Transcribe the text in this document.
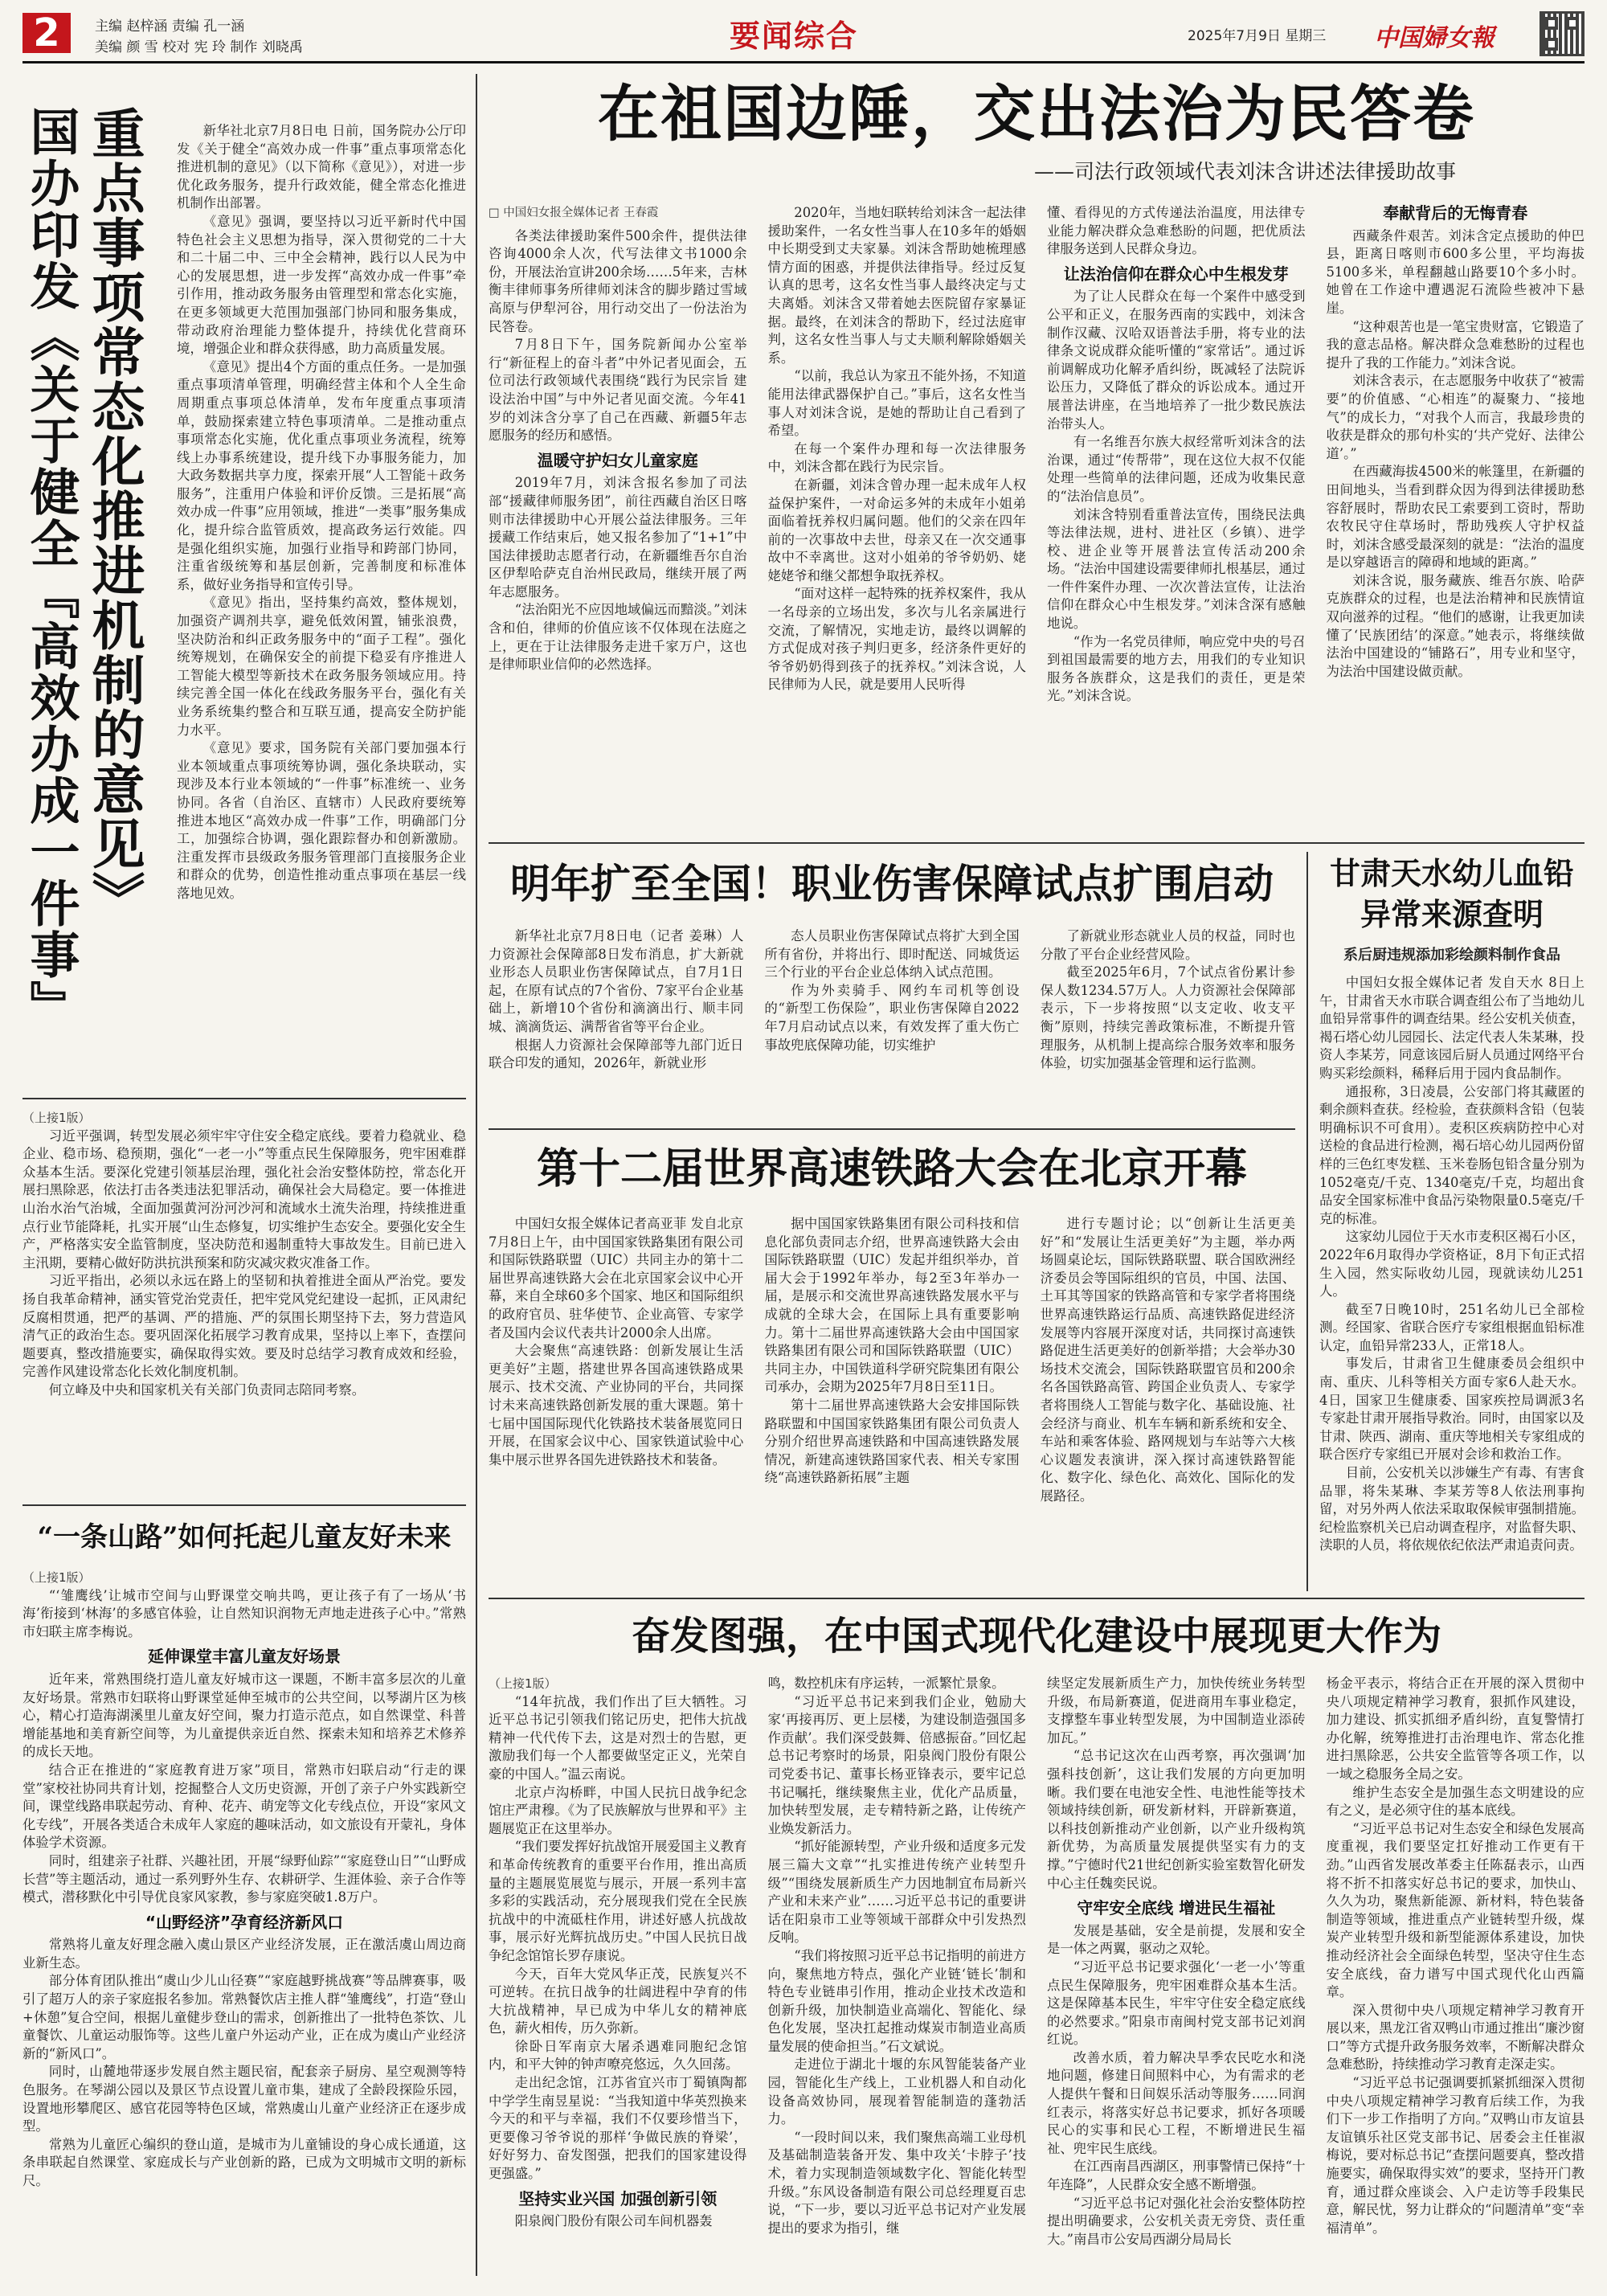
2	主编 赵梓涵 责编 孔一涵
美编 颜 雪 校对 宪 玲 制作 刘晓禹	要闻综合	2025年7月9日 星期三 中国婦女報
国办印发《关于健全『高效办成一件事』 重点事项常态化推进机制的意见》	新华社北京7月8日电 日前，国务院办公厅印发《关于健全“高效办成一件事”重点事项常态化推进机制的意见》（以下简称《意见》），对进一步优化政务服务，提升行政效能，健全常态化推进机制作出部署。

《意见》强调，要坚持以习近平新时代中国特色社会主义思想为指导，深入贯彻党的二十大和二十届二中、三中全会精神，践行以人民为中心的发展思想，进一步发挥“高效办成一件事”牵引作用，推动政务服务由管理型和常态化实施，在更多领域更大范围加强部门协同和服务集成，带动政府治理能力整体提升，持续优化营商环境，增强企业和群众获得感，助力高质量发展。

《意见》提出4个方面的重点任务。一是加强重点事项清单管理，明确经营主体和个人全生命周期重点事项总体清单，发布年度重点事项清单，鼓励探索建立特色事项清单。二是推动重点事项常态化实施，优化重点事项业务流程，统筹线上办事系统建设，提升线下办事服务能力，加大政务数据共享力度，探索开展“人工智能＋政务服务”，注重用户体验和评价反馈。三是拓展“高效办成一件事”应用领域，推进“一类事”服务集成化，提升综合监管质效，提高政务运行效能。四是强化组织实施，加强行业指导和跨部门协同，注重省级统筹和基层创新，完善制度和标准体系，做好业务指导和宣传引导。

《意见》指出，坚持集约高效，整体规划，加强资产调剂共享，避免低效闲置，铺张浪费，坚决防治和纠正政务服务中的“面子工程”。强化统筹规划，在确保安全的前提下稳妥有序推进人工智能大模型等新技术在政务服务领域应用。持续完善全国一体化在线政务服务平台，强化有关业务系统集约整合和互联互通，提高安全防护能力水平。

《意见》要求，国务院有关部门要加强本行业本领域重点事项统筹协调，强化条块联动，实现涉及本行业本领域的“一件事”标准统一、业务协同。各省（自治区、直辖市）人民政府要统筹推进本地区“高效办成一件事”工作，明确部门分工，加强综合协调，强化跟踪督办和创新激励。注重发挥市县级政务服务管理部门直接服务企业和群众的优势，创造性推动重点事项在基层一线落地见效。

（上接1版）

习近平强调，转型发展必须牢牢守住安全稳定底线。要着力稳就业、稳企业、稳市场、稳预期，强化“一老一小”等重点民生保障服务，兜牢困难群众基本生活。要深化党建引领基层治理，强化社会治安整体防控，常态化开展扫黑除恶，依法打击各类违法犯罪活动，确保社会大局稳定。要一体推进山治水治气治城，全面加强黄河汾河沙河和流域水土流失治理，持续推进重点行业节能降耗，扎实开展“山生态修复，切实维护生态安全。要强化安全生产，严格落实安全监管制度，坚决防范和遏制重特大事故发生。目前已进入主汛期，要精心做好防洪抗洪预案和防灾减灾救灾准备工作。

习近平指出，必须以永远在路上的坚韧和执着推进全面从严治党。要发扬自我革命精神，涵实管党治党责任，把牢党风党纪建设一起抓，正风肃纪反腐相贯通，把严的基调、严的措施、严的氛围长期坚持下去，努力营造风清气正的政治生态。要巩固深化拓展学习教育成果，坚持以上率下，查摆问题要真，整改措施要实，确保取得实效。要及时总结学习教育成效和经验，完善作风建设常态化长效化制度机制。

何立峰及中央和国家机关有关部门负责同志陪同考察。

“一条山路”如何托起儿童友好未来

（上接1版）

“‘雏鹰线’让城市空间与山野课堂交响共鸣，更让孩子有了一场从‘书海’衔接到‘林海’的多感官体验，让自然知识润物无声地走进孩子心中。”常熟市妇联主席李梅说。

延伸课堂丰富儿童友好场景

近年来，常熟围绕打造儿童友好城市这一课题，不断丰富多层次的儿童友好场景。常熟市妇联将山野课堂延伸至城市的公共空间，以琴湖片区为核心，精心打造海湖溪里儿童友好空间，聚力打造示范点，如自然课堂、科普增能基地和美育新空间等，为儿童提供亲近自然、探索未知和培养艺术修养的成长天地。

结合正在推进的“家庭教育进万家”项目，常熟市妇联启动“行走的课堂”家校社协同共育计划，挖掘整合人文历史资源，开创了亲子户外实践新空间，课堂线路串联起劳动、育种、花卉、萌宠等文化专线点位，开设“家风文化专线”，开展各类适合未成年人家庭的趣味活动，如文旅设有开蒙礼，身体体验学术资源。

同时，组建亲子社群、兴趣社团，开展“绿野仙踪”“家庭登山日”“山野成长营”等主题活动，通过一系列野外生存、农耕研学、生涯体验、亲子合作等模式，潜移默化中引导优良家风家教，参与家庭突破1.8万户。

“山野经济”孕育经济新风口

常熟将儿童友好理念融入虞山景区产业经济发展，正在激活虞山周边商业新生态。

部分体育团队推出“虞山少儿山径赛”“家庭越野挑战赛”等品牌赛事，吸引了超万人的亲子家庭报名参加。常熟餐饮店主推人群“雏鹰线”，打造“登山+休憩”复合空间，根据儿童健步登山的需求，创新推出了一批特色茶饮、儿童餐饮、儿童运动服饰等。这些儿童户外运动产业，正在成为虞山产业经济新的“新风口”。

同时，山麓地带逐步发展自然主题民宿，配套亲子厨房、星空观测等特色服务。在琴湖公园以及景区节点设置儿童市集，建成了全龄段探险乐园，设置地形攀爬区、感官花园等特色区域，常熟虞山儿童产业经济正在逐步成型。

常熟为儿童匠心编织的登山道，是城市为儿童铺设的身心成长通道，这条串联起自然课堂、家庭成长与产业创新的路，已成为文明城市文明的新标尺。

在祖国边陲，交出法治为民答卷
——司法行政领域代表刘沫含讲述法律援助故事

□ 中国妇女报全媒体记者 王春霞

各类法律援助案件500余件，提供法律咨询4000余人次，代写法律文书1000余份，开展法治宣讲200余场……5年来，吉林衡丰律师事务所律师刘沫含的脚步踏过雪域高原与伊犁河谷，用行动交出了一份法治为民答卷。

7月8日下午，国务院新闻办公室举行“新征程上的奋斗者”中外记者见面会，五位司法行政领域代表围绕“践行为民宗旨 建设法治中国”与中外记者见面交流。今年41岁的刘沫含分享了自己在西藏、新疆5年志愿服务的经历和感悟。

温暖守护妇女儿童家庭

2019年7月，刘沫含报名参加了司法部“援藏律师服务团”，前往西藏自治区日喀则市法律援助中心开展公益法律服务。三年援藏工作结束后，她又报名参加了“1+1”中国法律援助志愿者行动，在新疆维吾尔自治区伊犁哈萨克自治州民政局，继续开展了两年志愿服务。

“法治阳光不应因地域偏远而黯淡。”刘沫含和伯，律师的价值应该不仅体现在法庭之上，更在于让法律服务走进千家万户，这也是律师职业信仰的必然选择。

2020年，当地妇联转给刘沫含一起法律援助案件，一名女性当事人在10多年的婚姻中长期受到丈夫家暴。刘沫含帮助她梳理感情方面的困惑，并提供法律指导。经过反复认真的思考，这名女性当事人最终决定与丈夫离婚。刘沫含又带着她去医院留存家暴证据。最终，在刘沫含的帮助下，经过法庭审判，这名女性当事人与丈夫顺利解除婚姻关系。

“以前，我总认为家丑不能外扬，不知道能用法律武器保护自己。”事后，这名女性当事人对刘沫含说，是她的帮助让自己看到了希望。

在每一个案件办理和每一次法律服务中，刘沫含都在践行为民宗旨。

在新疆，刘沫含曾办理一起未成年人权益保护案件，一对命运多舛的未成年小姐弟面临着抚养权归属问题。他们的父亲在四年前的一次事故中去世，母亲又在一次交通事故中不幸离世。这对小姐弟的爷爷奶奶、姥姥姥爷和继父都想争取抚养权。

“面对这样一起特殊的抚养权案件，我从一名母亲的立场出发，多次与儿名亲属进行交流，了解情况，实地走访，最终以调解的方式促成对孩子判归更多，经济条件更好的爷爷奶奶得到孩子的抚养权。”刘沫含说，人民律师为人民，就是要用人民听得

懂、看得见的方式传递法治温度，用法律专业能力解决群众急难愁盼的问题，把优质法律服务送到人民群众身边。

让法治信仰在群众心中生根发芽

为了让人民群众在每一个案件中感受到公平和正义，在服务西南的实践中，刘沫含制作汉藏、汉哈双语普法手册，将专业的法律条文说成群众能听懂的“家常话”。通过诉前调解成功化解矛盾纠纷，既减轻了法院诉讼压力，又降低了群众的诉讼成本。通过开展普法讲座，在当地培养了一批少数民族法治带头人。

有一名维吾尔族大叔经常听刘沫含的法治课，通过“传帮带”，现在这位大叔不仅能处理一些简单的法律问题，还成为收集民意的“法治信息员”。

刘沫含特别看重普法宣传，围绕民法典等法律法规，进村、进社区（乡镇）、进学校、进企业等开展普法宣传活动200余场。“法治中国建设需要律师扎根基层，通过一件件案件办理、一次次普法宣传，让法治信仰在群众心中生根发芽。”刘沫含深有感触地说。

“作为一名党员律师，响应党中央的号召到祖国最需要的地方去，用我们的专业知识服务各族群众，这是我们的责任，更是荣光。”刘沫含说。

奉献背后的无悔青春

西藏条件艰苦。刘沫含定点援助的仲巴县，距离日喀则市600多公里，平均海拔5100多米，单程翻越山路要10个多小时。她曾在工作途中遭遇泥石流险些被冲下悬崖。

“这种艰苦也是一笔宝贵财富，它锻造了我的意志品格。解决群众急难愁盼的过程也提升了我的工作能力。”刘沫含说。

刘沫含表示，在志愿服务中收获了“被需要”的价值感、“心相连”的凝聚力、“接地气”的成长力，“对我个人而言，我最珍贵的收获是群众的那句朴实的‘共产党好、法律公道’。”

在西藏海拔4500米的帐篷里，在新疆的田间地头，当看到群众因为得到法律援助愁容舒展时，帮助农民工索要到工资时，帮助农牧民守住草场时，帮助残疾人守护权益时，刘沫含感受最深刻的就是：“法治的温度是以穿越语言的障碍和地域的距离。”

刘沫含说，服务藏族、维吾尔族、哈萨克族群众的过程，也是法治精神和民族情谊双向滋养的过程。“他们的感谢，让我更加读懂了‘民族团结’的深意。”她表示，将继续做法治中国建设的“铺路石”，用专业和坚守，为法治中国建设做贡献。

明年扩至全国！职业伤害保障试点扩围启动

新华社北京7月8日电（记者 姜琳）人力资源社会保障部8日发布消息，扩大新就业形态人员职业伤害保障试点，自7月1日起，在原有试点的7个省份、7家平台企业基础上，新增10个省份和滴滴出行、顺丰同城、滴滴货运、满帮省省等平台企业。

根据人力资源社会保障部等九部门近日联合印发的通知，2026年，新就业形

态人员职业伤害保障试点将扩大到全国所有省份，并将出行、即时配送、同城货运三个行业的平台企业总体纳入试点范围。

作为外卖骑手、网约车司机等创设的“新型工伤保险”，职业伤害保障自2022年7月启动试点以来，有效发挥了重大伤亡事故兜底保障功能，切实维护

了新就业形态就业人员的权益，同时也分散了平台企业经营风险。

截至2025年6月，7个试点省份累计参保人数1234.57万人。人力资源社会保障部表示，下一步将按照“以支定收、收支平衡”原则，持续完善政策标准，不断提升管理服务，从机制上提高综合服务效率和服务体验，切实加强基金管理和运行监测。

第十二届世界高速铁路大会在北京开幕

中国妇女报全媒体记者高亚菲 发自北京 7月8日上午，由中国国家铁路集团有限公司和国际铁路联盟（UIC）共同主办的第十二届世界高速铁路大会在北京国家会议中心开幕，来自全球60多个国家、地区和国际组织的政府官员、驻华使节、企业高管、专家学者及国内会议代表共计2000余人出席。

大会聚焦“高速铁路：创新发展让生活更美好”主题，搭建世界各国高速铁路成果展示、技术交流、产业协同的平台，共同探讨未来高速铁路创新发展的重大课题。第十七届中国国际现代化铁路技术装备展览同日开展，在国家会议中心、国家铁道试验中心集中展示世界各国先进铁路技术和装备。

据中国国家铁路集团有限公司科技和信息化部负责同志介绍，世界高速铁路大会由国际铁路联盟（UIC）发起并组织举办，首届大会于1992年举办，每2至3年举办一届，是展示和交流世界高速铁路发展水平与成就的全球大会，在国际上具有重要影响力。第十二届世界高速铁路大会由中国国家铁路集团有限公司和国际铁路联盟（UIC）共同主办，中国铁道科学研究院集团有限公司承办，会期为2025年7月8日至11日。

第十二届世界高速铁路大会安排国际铁路联盟和中国国家铁路集团有限公司负责人分别介绍世界高速铁路和中国高速铁路发展情况，新建高速铁路国家代表、相关专家围绕“高速铁路新拓展”主题

进行专题讨论；以“创新让生活更美好”和“发展让生活更美好”为主题，举办两场圆桌论坛，国际铁路联盟、联合国欧洲经济委员会等国际组织的官员，中国、法国、土耳其等国家的铁路高管和专家学者将围绕世界高速铁路运行品质、高速铁路促进经济发展等内容展开深度对话，共同探讨高速铁路促进生活更美好的创新举措；大会举办30场技术交流会，国际铁路联盟官员和200余名各国铁路高管、跨国企业负责人、专家学者将围绕人工智能与数字化、基础设施、社会经济与商业、机车车辆和新系统和安全、车站和乘客体验、路网规划与车站等六大核心议题发表演讲，深入探讨高速铁路智能化、数字化、绿色化、高效化、国际化的发展路径。

甘肃天水幼儿血铅
异常来源查明
系后厨违规添加彩绘颜料制作食品

中国妇女报全媒体记者 发自天水 8日上午，甘肃省天水市联合调查组公布了当地幼儿血铅异常事件的调查结果。经公安机关侦查，褐石塔心幼儿园园长、法定代表人朱某琳，投资人李某芳，同意该园后厨人员通过网络平台购买彩绘颜料，稀释后用于园内食品制作。

通报称，3日凌晨，公安部门将其藏匿的剩余颜料查获。经检验，查获颜料含铅（包装明确标识不可食用）。麦积区疾病防控中心对送检的食品进行检测，褐石培心幼儿园两份留样的三色红枣发糕、玉米卷肠包铅含量分别为1052毫克/千克、1340毫克/千克，均超出食品安全国家标准中食品污染物限量0.5毫克/千克的标准。

这家幼儿园位于天水市麦积区褐石小区，2022年6月取得办学资格证，8月下旬正式招生入园，然实际收幼儿园，现就读幼儿251人。

截至7日晚10时，251名幼儿已全部检测。经国家、省联合医疗专家组根据血铅标准认定，血铅异常233人，正常18人。

事发后，甘肃省卫生健康委员会组织中南、重庆、儿科等相关方面专家6人赴天水。4日，国家卫生健康委、国家疾控局调派3名专家赴甘肃开展指导救治。同时，由国家以及甘肃、陕西、湖南、重庆等地相关专家组成的联合医疗专家组已开展对会诊和救治工作。

目前，公安机关以涉嫌生产有毒、有害食品罪，将朱某琳、李某芳等8人依法刑事拘留，对另外两人依法采取取保候审强制措施。纪检监察机关已启动调查程序，对监督失职、渎职的人员，将依规依纪依法严肃追责问责。

奋发图强，在中国式现代化建设中展现更大作为

（上接1版）

“14年抗战，我们作出了巨大牺牲。习近平总书记引领我们铭记历史，把伟大抗战精神一代代传下去，这是对烈士的告慰，更激励我们每一个人都要做坚定正义，光荣自豪的中国人。”温云南说。

北京卢沟桥畔，中国人民抗日战争纪念馆庄严肃穆。《为了民族解放与世界和平》主题展览正在这里举办。

“我们要发挥好抗战馆开展爱国主义教育和革命传统教育的重要平台作用，推出高质量的主题展览展览与展示，开展一系列丰富多彩的实践活动，充分展现我们党在全民族抗战中的中流砥柱作用，讲述好感人抗战故事，展示好光辉抗战历史。”中国人民抗日战争纪念馆馆长罗存康说。

今天，百年大党风华正茂，民族复兴不可逆转。在抗日战争的壮阔进程中孕育的伟大抗战精神，早已成为中华儿女的精神底色，薪火相传，历久弥新。

徐卧日军南京大屠杀遇难同胞纪念馆内，和平大钟的钟声嘹亮悠远，久久回荡。

走出纪念馆，江苏省宜兴市丁蜀镇陶都中学学生南昱星说：“当我知道中华英烈换来今天的和平与幸福，我们不仅要珍惜当下，更要像习爷爷说的那样‘争做民族的脊梁’，好好努力、奋发图强，把我们的国家建设得更强盛。”

坚持实业兴国 加强创新引领

阳泉阀门股份有限公司车间机器轰

鸣，数控机床有序运转，一派繁忙景象。

“习近平总书记来到我们企业，勉励大家‘再接再厉、更上层楼，为建设制造强国多作贡献’。我们深受鼓舞、倍感振奋。”回忆起总书记考察时的场景，阳泉阀门股份有限公司党委书记、董事长杨亚锋表示，要牢记总书记嘱托，继续聚焦主业，优化产品质量，加快转型发展，走专精特新之路，让传统产业焕发新活力。

“抓好能源转型，产业升级和适度多元发展三篇大文章”“扎实推进传统产业转型升级”“围绕发展新质生产力因地制宜布局新兴产业和未来产业”……习近平总书记的重要讲话在阳泉市工业等领域干部群众中引发热烈反响。

“我们将按照习近平总书记指明的前进方向，聚焦地方特点，强化产业链‘链长’制和特色专业链串引作用，推动企业技术改造和创新升级，加快制造业高端化、智能化、绿色化发展，坚决扛起推动煤炭市制造业高质量发展的使命担当。”石文斌说。

走进位于湖北十堰的东风智能装备产业园，智能化生产线上，工业机器人和自动化设备高效协同，展现着智能制造的蓬勃活力。

“一段时间以来，我们聚焦高端工业母机及基础制造装备开发、集中攻关‘卡脖子’技术，着力实现制造领域数字化、智能化转型升级。”东风设备制造有限公司总经理夏百忠说，“下一步，要以习近平总书记对产业发展提出的要求为指引，继

续坚定发展新质生产力，加快传统业务转型升级，布局新赛道，促进商用车事业稳定，支撑整车事业转型发展，为中国制造业添砖加瓦。”

“总书记这次在山西考察，再次强调‘加强科技创新’，这让我们发展的方向更加明晰。我们要在电池安全性、电池性能等技术领域持续创新，研发新材料，开辟新赛道，以科技创新推动产业创新，以产业升级构筑新优势，为高质量发展提供坚实有力的支撑。”宁德时代21世纪创新实验室数智化研发中心主任魏奕民说。

守牢安全底线 增进民生福祉

发展是基础，安全是前提，发展和安全是一体之两翼，驱动之双轮。

“习近平总书记要求强化‘一老一小’等重点民生保障服务，兜牢困难群众基本生活。这是保障基本民生，牢牢守住安全稳定底线的必然要求。”阳泉市南闽村党支部书记刘润红说。

改善水质，着力解决旱季农民吃水和浇地问题，修建日间照料中心，为有需求的老人提供午餐和日间娱乐活动等服务……同润红表示，将落实好总书记要求，抓好各项暖民心的实事和民心工程，不断增进民生福祉、兜牢民生底线。

在江西南昌西湖区，刑事警情已保持“十年连降”，人民群众安全感不断增强。

“习近平总书记对强化社会治安整体防控提出明确要求，公安机关责无旁贷、责任重大。”南昌市公安局西湖分局局长

杨金平表示，将结合正在开展的深入贯彻中央八项规定精神学习教育，狠抓作风建设，加力建设、抓实抓细矛盾纠纷，直复警情打办化解，统筹推进打击治理电诈、常态化推进扫黑除恶，公共安全监管等各项工作，以一域之稳服务全局之安。

维护生态安全是加强生态文明建设的应有之义，是必须守住的基本底线。

“习近平总书记对生态安全和绿色发展高度重视，我们要坚定扛好推动工作更有干劲。”山西省发展改革委主任陈磊表示，山西将不折不扣落实好总书记的要求，加快山、久久为功，聚焦新能源、新材料，特色装备制造等领域，推进重点产业链转型升级，煤炭产业转型升级和新型能源体系建设，加快推动经济社会全面绿色转型，坚决守住生态安全底线，奋力谱写中国式现代化山西篇章。

深入贯彻中央八项规定精神学习教育开展以来，黑龙江省双鸭山市通过推出“廉沙窗口”等方式提升政务服务效率，不断解决群众急难愁盼，持续推动学习教育走深走实。

“习近平总书记强调要抓紧抓细深入贯彻中央八项规定精神学习教育后续工作，为我们下一步工作指明了方向。”双鸭山市友谊县友谊镇乐社区党支部书记、居委会主任崔淑梅说，要对标总书记“查摆问题要真，整改措施要实，确保取得实效”的要求，坚持开门教育，通过群众座谈会、入户走访等手段集民意，解民忧，努力让群众的“问题清单”变“幸福清单”。
